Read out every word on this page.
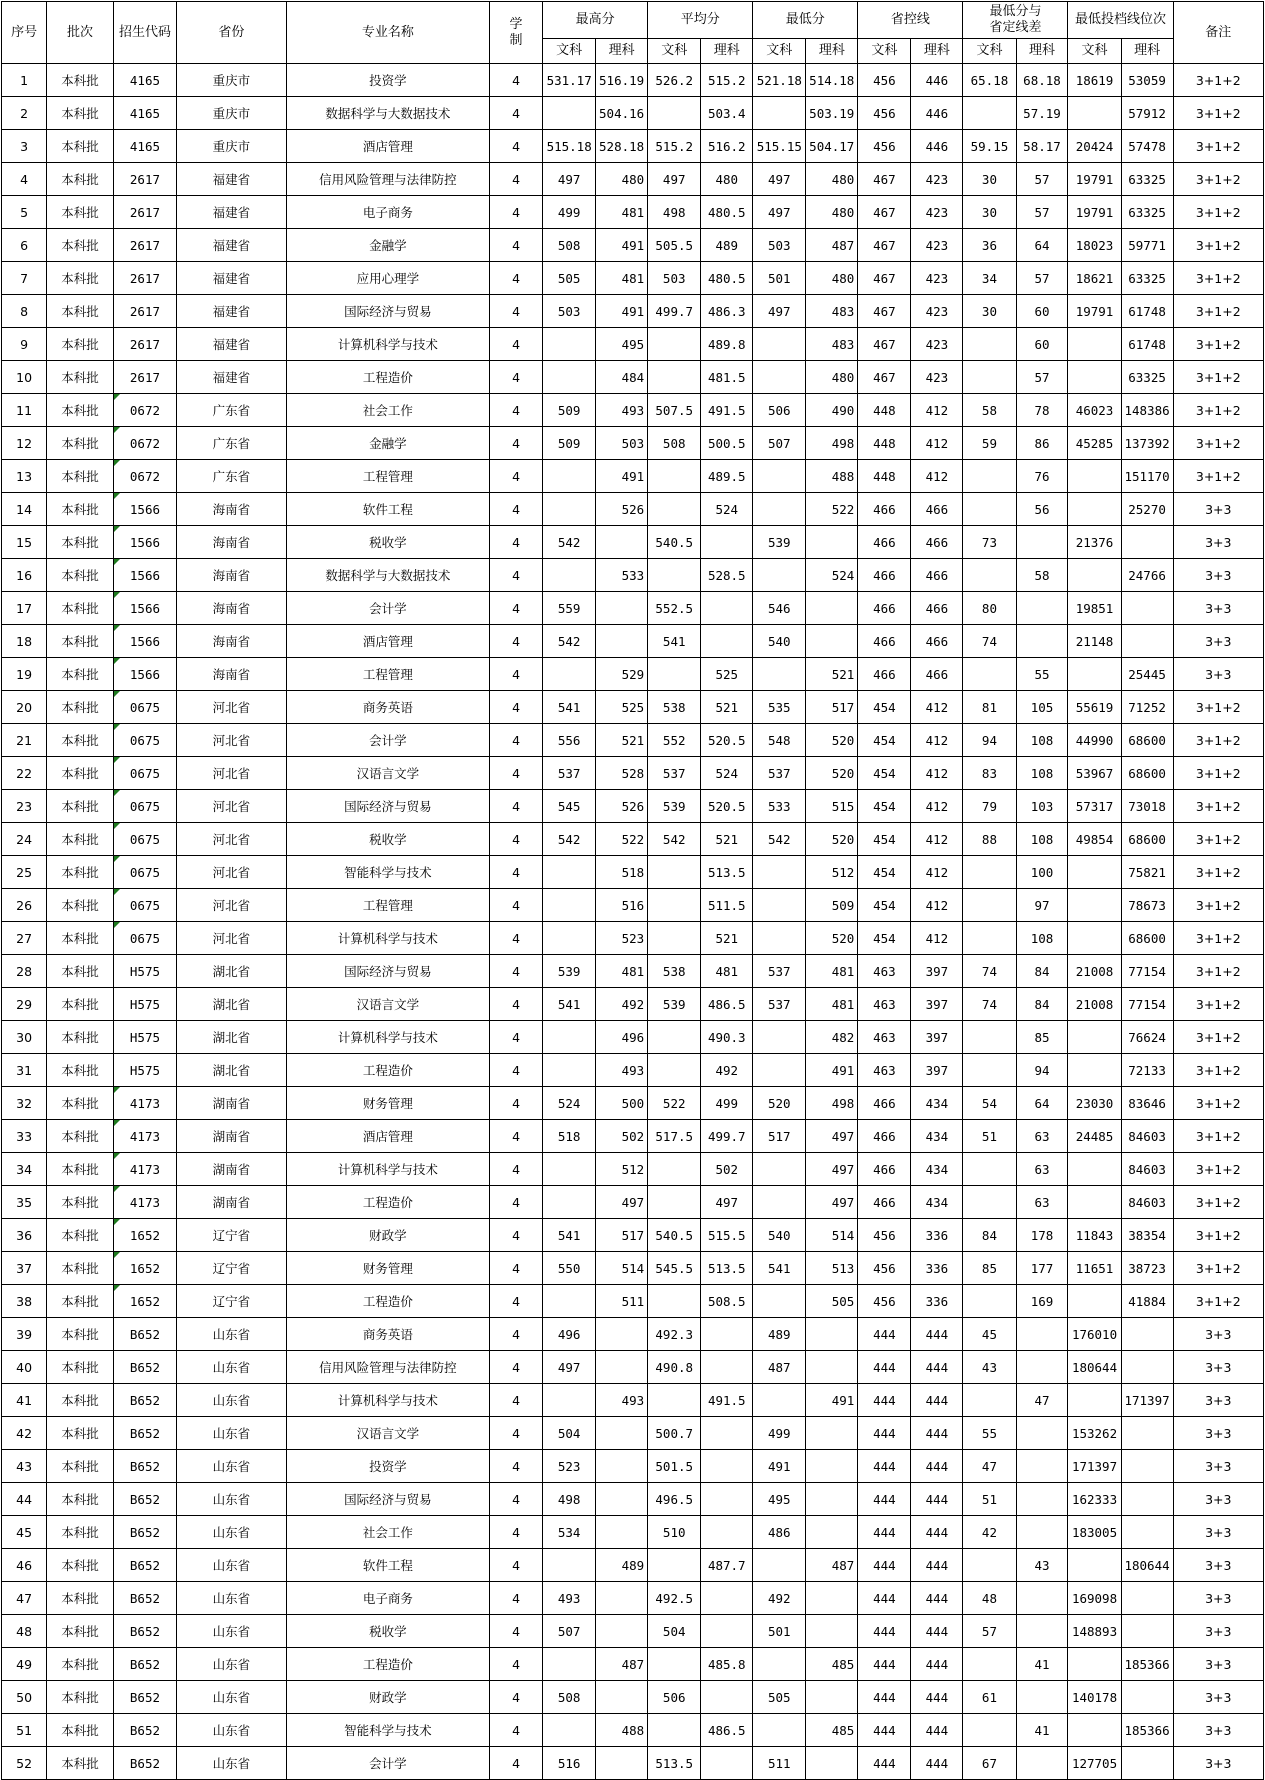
序号	批次	招生代码	省份	专业名称	学
制	最高分		平均分		最低分		省控线		最低分与
省定线差		最低投档线位次		备注
						文科	理科	文科	理科	文科	理科	文科	理科	文科	理科	文科	理科	
1	本科批	4165	重庆市	投资学	4	531.17	516.19	526.2	515.2	521.18	514.18	456	446	65.18	68.18	18619	53059	3+1+2
2	本科批	4165	重庆市	数据科学与大数据技术	4		504.16		503.4		503.19	456	446		57.19		57912	3+1+2
3	本科批	4165	重庆市	酒店管理	4	515.18	528.18	515.2	516.2	515.15	504.17	456	446	59.15	58.17	20424	57478	3+1+2
4	本科批	2617	福建省	信用风险管理与法律防控	4	497	480	497	480	497	480	467	423	30	57	19791	63325	3+1+2
5	本科批	2617	福建省	电子商务	4	499	481	498	480.5	497	480	467	423	30	57	19791	63325	3+1+2
6	本科批	2617	福建省	金融学	4	508	491	505.5	489	503	487	467	423	36	64	18023	59771	3+1+2
7	本科批	2617	福建省	应用心理学	4	505	481	503	480.5	501	480	467	423	34	57	18621	63325	3+1+2
8	本科批	2617	福建省	国际经济与贸易	4	503	491	499.7	486.3	497	483	467	423	30	60	19791	61748	3+1+2
9	本科批	2617	福建省	计算机科学与技术	4		495		489.8		483	467	423		60		61748	3+1+2
10	本科批	2617	福建省	工程造价	4		484		481.5		480	467	423		57		63325	3+1+2
11	本科批	0672	广东省	社会工作	4	509	493	507.5	491.5	506	490	448	412	58	78	46023	148386	3+1+2
12	本科批	0672	广东省	金融学	4	509	503	508	500.5	507	498	448	412	59	86	45285	137392	3+1+2
13	本科批	0672	广东省	工程管理	4		491		489.5		488	448	412		76		151170	3+1+2
14	本科批	1566	海南省	软件工程	4		526		524		522	466	466		56		25270	3+3
15	本科批	1566	海南省	税收学	4	542		540.5		539		466	466	73		21376		3+3
16	本科批	1566	海南省	数据科学与大数据技术	4		533		528.5		524	466	466		58		24766	3+3
17	本科批	1566	海南省	会计学	4	559		552.5		546		466	466	80		19851		3+3
18	本科批	1566	海南省	酒店管理	4	542		541		540		466	466	74		21148		3+3
19	本科批	1566	海南省	工程管理	4		529		525		521	466	466		55		25445	3+3
20	本科批	0675	河北省	商务英语	4	541	525	538	521	535	517	454	412	81	105	55619	71252	3+1+2
21	本科批	0675	河北省	会计学	4	556	521	552	520.5	548	520	454	412	94	108	44990	68600	3+1+2
22	本科批	0675	河北省	汉语言文学	4	537	528	537	524	537	520	454	412	83	108	53967	68600	3+1+2
23	本科批	0675	河北省	国际经济与贸易	4	545	526	539	520.5	533	515	454	412	79	103	57317	73018	3+1+2
24	本科批	0675	河北省	税收学	4	542	522	542	521	542	520	454	412	88	108	49854	68600	3+1+2
25	本科批	0675	河北省	智能科学与技术	4		518		513.5		512	454	412		100		75821	3+1+2
26	本科批	0675	河北省	工程管理	4		516		511.5		509	454	412		97		78673	3+1+2
27	本科批	0675	河北省	计算机科学与技术	4		523		521		520	454	412		108		68600	3+1+2
28	本科批	H575	湖北省	国际经济与贸易	4	539	481	538	481	537	481	463	397	74	84	21008	77154	3+1+2
29	本科批	H575	湖北省	汉语言文学	4	541	492	539	486.5	537	481	463	397	74	84	21008	77154	3+1+2
30	本科批	H575	湖北省	计算机科学与技术	4		496		490.3		482	463	397		85		76624	3+1+2
31	本科批	H575	湖北省	工程造价	4		493		492		491	463	397		94		72133	3+1+2
32	本科批	4173	湖南省	财务管理	4	524	500	522	499	520	498	466	434	54	64	23030	83646	3+1+2
33	本科批	4173	湖南省	酒店管理	4	518	502	517.5	499.7	517	497	466	434	51	63	24485	84603	3+1+2
34	本科批	4173	湖南省	计算机科学与技术	4		512		502		497	466	434		63		84603	3+1+2
35	本科批	4173	湖南省	工程造价	4		497		497		497	466	434		63		84603	3+1+2
36	本科批	1652	辽宁省	财政学	4	541	517	540.5	515.5	540	514	456	336	84	178	11843	38354	3+1+2
37	本科批	1652	辽宁省	财务管理	4	550	514	545.5	513.5	541	513	456	336	85	177	11651	38723	3+1+2
38	本科批	1652	辽宁省	工程造价	4		511		508.5		505	456	336		169		41884	3+1+2
39	本科批	B652	山东省	商务英语	4	496		492.3		489		444	444	45		176010		3+3
40	本科批	B652	山东省	信用风险管理与法律防控	4	497		490.8		487		444	444	43		180644		3+3
41	本科批	B652	山东省	计算机科学与技术	4		493		491.5		491	444	444		47		171397	3+3
42	本科批	B652	山东省	汉语言文学	4	504		500.7		499		444	444	55		153262		3+3
43	本科批	B652	山东省	投资学	4	523		501.5		491		444	444	47		171397		3+3
44	本科批	B652	山东省	国际经济与贸易	4	498		496.5		495		444	444	51		162333		3+3
45	本科批	B652	山东省	社会工作	4	534		510		486		444	444	42		183005		3+3
46	本科批	B652	山东省	软件工程	4		489		487.7		487	444	444		43		180644	3+3
47	本科批	B652	山东省	电子商务	4	493		492.5		492		444	444	48		169098		3+3
48	本科批	B652	山东省	税收学	4	507		504		501		444	444	57		148893		3+3
49	本科批	B652	山东省	工程造价	4		487		485.8		485	444	444		41		185366	3+3
50	本科批	B652	山东省	财政学	4	508		506		505		444	444	61		140178		3+3
51	本科批	B652	山东省	智能科学与技术	4		488		486.5		485	444	444		41		185366	3+3
52	本科批	B652	山东省	会计学	4	516		513.5		511		444	444	67		127705		3+3
